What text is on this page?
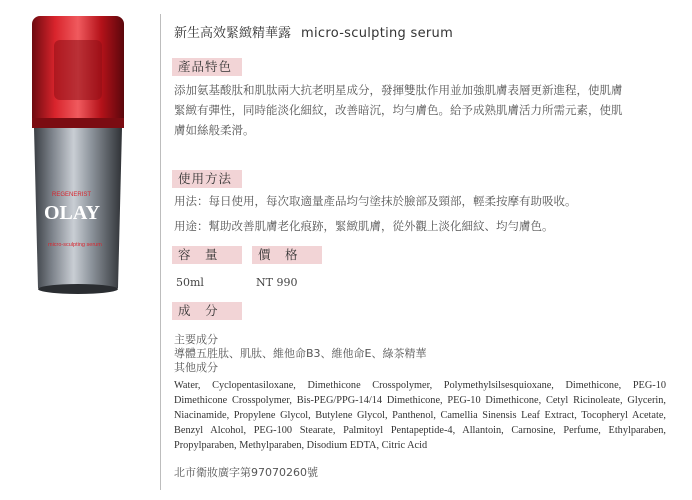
REGENERIST
OLAY
micro-sculpting serum
新生高效緊緻精華露 micro-sculpting serum
產品特色
添加氨基酸肽和肌肽兩大抗老明星成分，發揮雙肽作用並加強肌膚表層更新進程，使肌膚
緊緻有彈性，同時能淡化細紋，改善暗沉，均勻膚色。給予成熟肌膚活力所需元素，使肌
膚如絲般柔滑。
使用方法
用法：每日使用，每次取適量產品均勻塗抹於臉部及頸部，輕柔按摩有助吸收。
用途：幫助改善肌膚老化痕跡，緊緻肌膚，從外觀上淡化細紋、均勻膚色。
容　量	價　格
50ml	NT 990
成　分
主要成分
導體五胜肽、肌肽、維他命B3、維他命E、綠茶精華
其他成分
Water, Cyclopentasiloxane, Dimethicone Crosspolymer, Polymethylsilsesquioxane, Dimethicone, PEG-10 Dimethicone Crosspolymer, Bis-PEG/PPG-14/14 Dimethicone, PEG-10 Dimethicone, Cetyl Ricinoleate, Glycerin, Niacinamide, Propylene Glycol, Butylene Glycol, Panthenol, Camellia Sinensis Leaf Extract, Tocopheryl Acetate, Benzyl Alcohol, PEG-100 Stearate, Palmitoyl Pentapeptide-4, Allantoin, Carnosine, Perfume, Ethylparaben, Propylparaben, Methylparaben, Disodium EDTA, Citric Acid
北市衛妝廣字第97070260號
